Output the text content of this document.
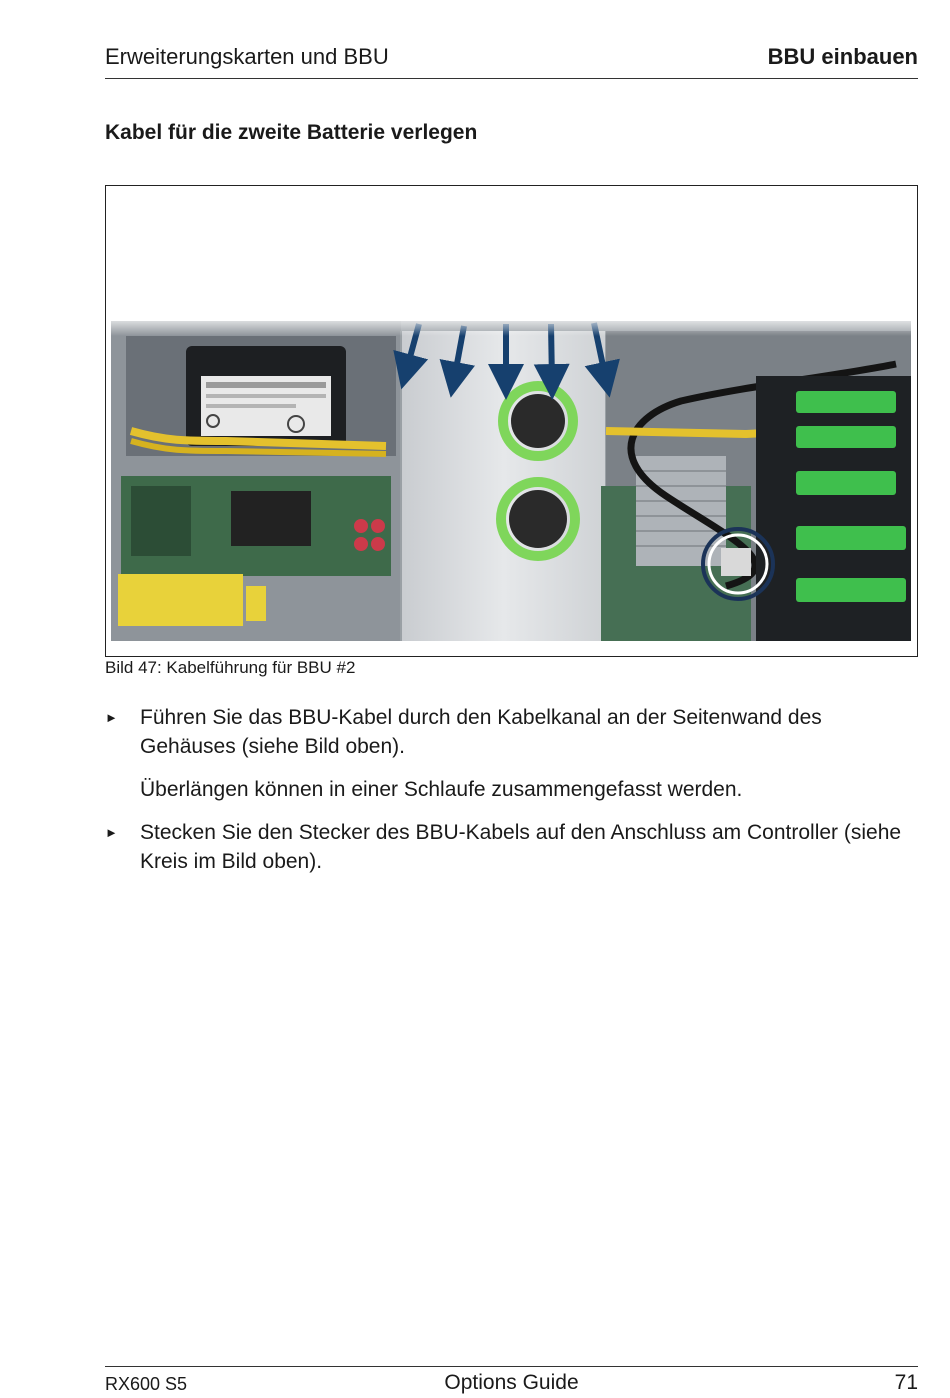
Erweiterungskarten und BBU	BBU einbauen
Kabel für die zweite Batterie verlegen
Bild 47: Kabelführung für BBU #2
► Führen Sie das BBU-Kabel durch den Kabelkanal an der Seitenwand des Gehäuses (siehe Bild oben).
Überlängen können in einer Schlaufe zusammengefasst werden.
► Stecken Sie den Stecker des BBU-Kabels auf den Anschluss am Controller (siehe Kreis im Bild oben).
RX600 S5	Options Guide	71
